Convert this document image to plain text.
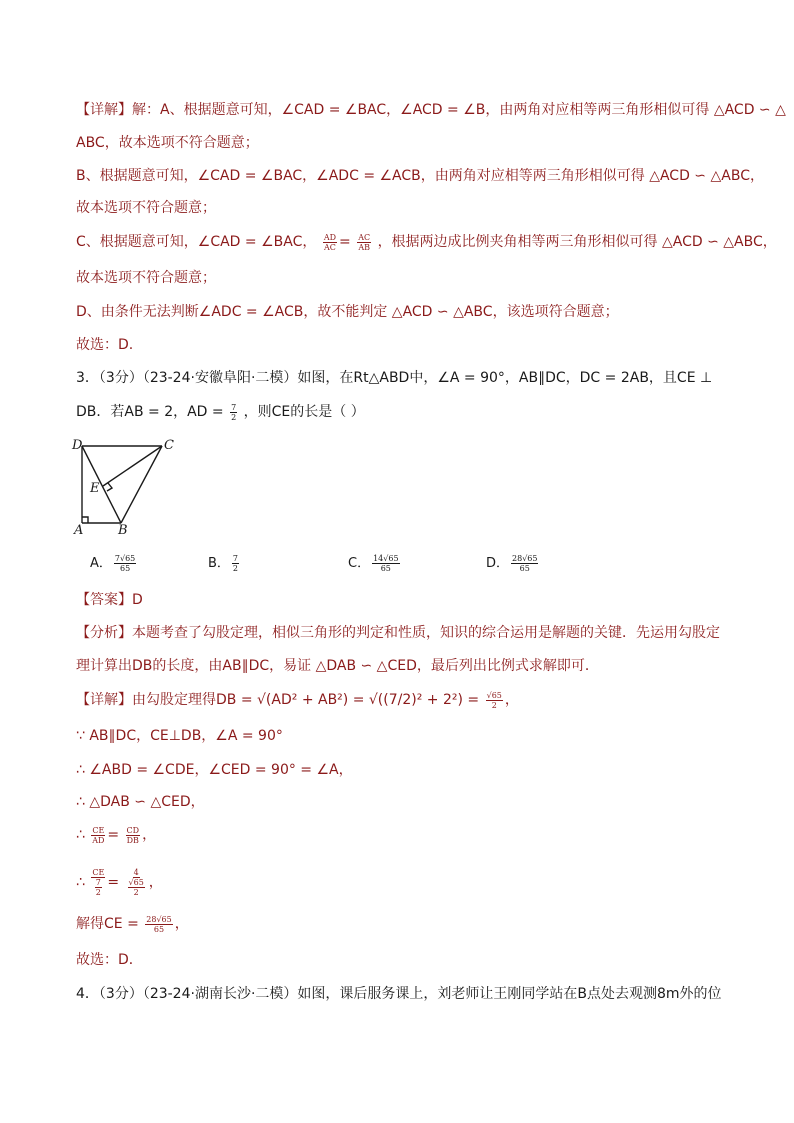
【详解】解：A、根据题意可知，∠CAD = ∠BAC，∠ACD = ∠B，由两角对应相等两三角形相似可得 △ACD ∽ △
ABC，故本选项不符合题意；
B、根据题意可知，∠CAD = ∠BAC，∠ADC = ∠ACB，由两角对应相等两三角形相似可得 △ACD ∽ △ABC，
故本选项不符合题意；
C、根据题意可知，∠CAD = ∠BAC， $\frac{AD}{AC} = \frac{AC}{AB}$ ，根据两边成比例夹角相等两三角形相似可得 △ACD ∽ △ABC，
故本选项不符合题意；
D、由条件无法判断∠ADC = ∠ACB，故不能判定 △ACD ∽ △ABC，该选项符合题意；
故选：D.
3．（3分）（23-24·安徽阜阳·二模）如图，在Rt△ABD中，∠A = 90°，AB∥DC，DC = 2AB，且CE ⊥
DB．若AB = 2，AD = $\frac{7}{2}$ ，则CE的长是（ ）
D	C
E
A	B
A． $\frac{7√65}{65}$	B． $\frac{7}{2}$	C． $\frac{14√65}{65}$	D． $\frac{28√65}{65}$
【答案】D
【分析】本题考查了勾股定理，相似三角形的判定和性质，知识的综合运用是解题的关键．先运用勾股定
理计算出DB的长度，由AB∥DC，易证 △DAB ∽ △CED，最后列出比例式求解即可．
【详解】由勾股定理得DB = $√(AD^2 + AB^2) = √((7/2)^2 + 2^2) = \frac{√65}{2}$ ，
∵ AB∥DC，CE⊥DB，∠A = 90°
∴ ∠ABD = ∠CDE，∠CED = 90° = ∠A，
∴ △DAB ∽ △CED，
∴ $\frac{CE}{AD} = \frac{CD}{DB}$ ，
∴ $\frac{CE}{\frac{7}{2}} = \frac{4}{\frac{√65}{2}}$ ，
解得CE = $\frac{28√65}{65}$ ，
故选：D．
4．（3分）（23-24·湖南长沙·二模）如图，课后服务课上，刘老师让王刚同学站在B点处去观测8m外的位
